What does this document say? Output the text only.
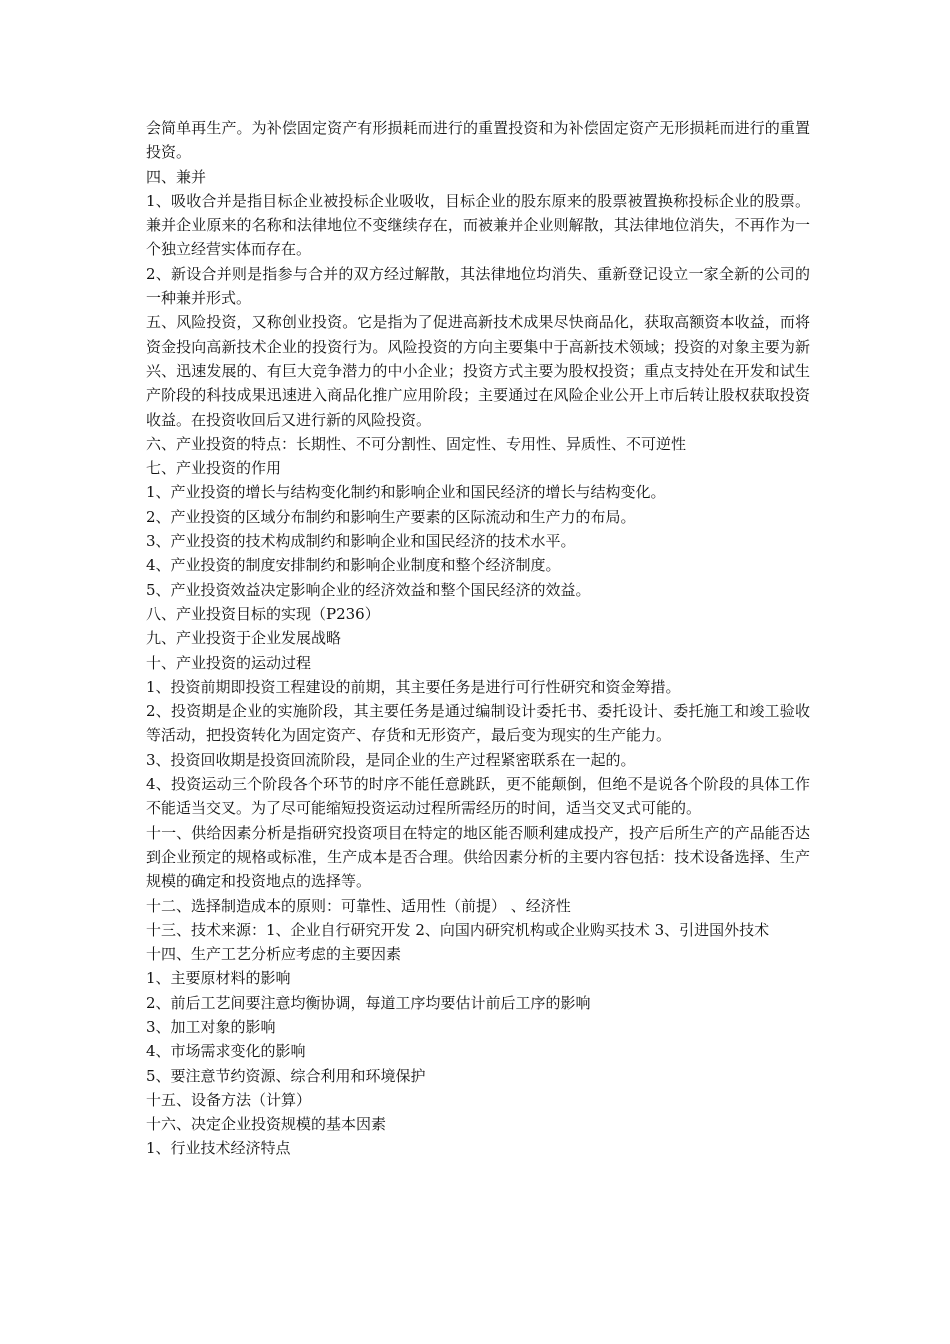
会简单再生产。为补偿固定资产有形损耗而进行的重置投资和为补偿固定资产无形损耗而进行的重置投资。

四、兼并

1、吸收合并是指目标企业被投标企业吸收，目标企业的股东原来的股票被置换称投标企业的股票。兼并企业原来的名称和法律地位不变继续存在，而被兼并企业则解散，其法律地位消失，不再作为一个独立经营实体而存在。

2、新设合并则是指参与合并的双方经过解散，其法律地位均消失、重新登记设立一家全新的公司的一种兼并形式。

五、风险投资，又称创业投资。它是指为了促进高新技术成果尽快商品化，获取高额资本收益，而将资金投向高新技术企业的投资行为。风险投资的方向主要集中于高新技术领域；投资的对象主要为新兴、迅速发展的、有巨大竞争潜力的中小企业；投资方式主要为股权投资；重点支持处在开发和试生产阶段的科技成果迅速进入商品化推广应用阶段；主要通过在风险企业公开上市后转让股权获取投资收益。在投资收回后又进行新的风险投资。

六、产业投资的特点：长期性、不可分割性、固定性、专用性、异质性、不可逆性

七、产业投资的作用

1、产业投资的增长与结构变化制约和影响企业和国民经济的增长与结构变化。

2、产业投资的区域分布制约和影响生产要素的区际流动和生产力的布局。

3、产业投资的技术构成制约和影响企业和国民经济的技术水平。

4、产业投资的制度安排制约和影响企业制度和整个经济制度。

5、产业投资效益决定影响企业的经济效益和整个国民经济的效益。

八、产业投资目标的实现（P236）

九、产业投资于企业发展战略

十、产业投资的运动过程

1、投资前期即投资工程建设的前期，其主要任务是进行可行性研究和资金筹措。

2、投资期是企业的实施阶段，其主要任务是通过编制设计委托书、委托设计、委托施工和竣工验收等活动，把投资转化为固定资产、存货和无形资产，最后变为现实的生产能力。

3、投资回收期是投资回流阶段，是同企业的生产过程紧密联系在一起的。

4、投资运动三个阶段各个环节的时序不能任意跳跃，更不能颠倒，但绝不是说各个阶段的具体工作不能适当交叉。为了尽可能缩短投资运动过程所需经历的时间，适当交叉式可能的。

十一、供给因素分析是指研究投资项目在特定的地区能否顺利建成投产，投产后所生产的产品能否达到企业预定的规格或标准，生产成本是否合理。供给因素分析的主要内容包括：技术设备选择、生产规模的确定和投资地点的选择等。

十二、选择制造成本的原则：可靠性、适用性（前提） 、经济性

十三、技术来源：1、企业自行研究开发 2、向国内研究机构或企业购买技术 3、引进国外技术

十四、生产工艺分析应考虑的主要因素

1、主要原材料的影响

2、前后工艺间要注意均衡协调，每道工序均要估计前后工序的影响

3、加工对象的影响

4、市场需求变化的影响

5、要注意节约资源、综合利用和环境保护

十五、设备方法（计算）

十六、决定企业投资规模的基本因素

1、行业技术经济特点
